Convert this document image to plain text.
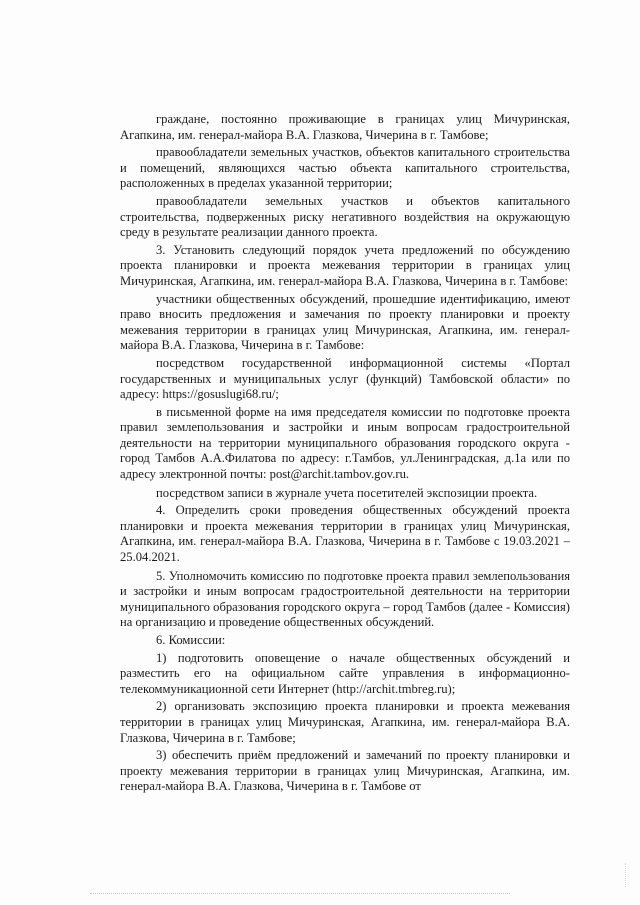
граждане, постоянно проживающие в границах улиц Мичуринская, Агапкина, им. генерал-майора В.А. Глазкова, Чичерина в г. Тамбове;

правообладатели земельных участков, объектов капитального строительства и помещений, являющихся частью объекта капитального строительства, расположенных в пределах указанной территории;

правообладатели земельных участков и объектов капитального строительства, подверженных риску негативного воздействия на окружающую среду в результате реализации данного проекта.

3. Установить следующий порядок учета предложений по обсуждению проекта планировки и проекта межевания территории в границах улиц Мичуринская, Агапкина, им. генерал-майора В.А. Глазкова, Чичерина в г. Тамбове:

участники общественных обсуждений, прошедшие идентификацию, имеют право вносить предложения и замечания по проекту планировки и проекту межевания территории в границах улиц Мичуринская, Агапкина, им. генерал-майора В.А. Глазкова, Чичерина в г. Тамбове:

посредством государственной информационной системы «Портал государственных и муниципальных услуг (функций) Тамбовской области» по адресу: https://gosuslugi68.ru/;

в письменной форме на имя председателя комиссии по подготовке проекта правил землепользования и застройки и иным вопросам градостроительной деятельности на территории муниципального образования городского округа - город Тамбов А.А.Филатова по адресу: г.Тамбов, ул.Ленинградская, д.1а или по адресу электронной почты: post@archit.tambov.gov.ru.

посредством записи в журнале учета посетителей экспозиции проекта.

4. Определить сроки проведения общественных обсуждений проекта планировки и проекта межевания территории в границах улиц Мичуринская, Агапкина, им. генерал-майора В.А. Глазкова, Чичерина в г. Тамбове с 19.03.2021 – 25.04.2021.

5. Уполномочить комиссию по подготовке проекта правил землепользования и застройки и иным вопросам градостроительной деятельности на территории муниципального образования городского округа – город Тамбов (далее - Комиссия) на организацию и проведение общественных обсуждений.

6. Комиссии:

1) подготовить оповещение о начале общественных обсуждений и разместить его на официальном сайте управления в информационно-телекоммуникационной сети Интернет (http://archit.tmbreg.ru);

2) организовать экспозицию проекта планировки и проекта межевания территории в границах улиц Мичуринская, Агапкина, им. генерал-майора В.А. Глазкова, Чичерина в г. Тамбове;

3) обеспечить приём предложений и замечаний по проекту планировки и проекту межевания территории в границах улиц Мичуринская, Агапкина, им. генерал-майора В.А. Глазкова, Чичерина в г. Тамбове от
